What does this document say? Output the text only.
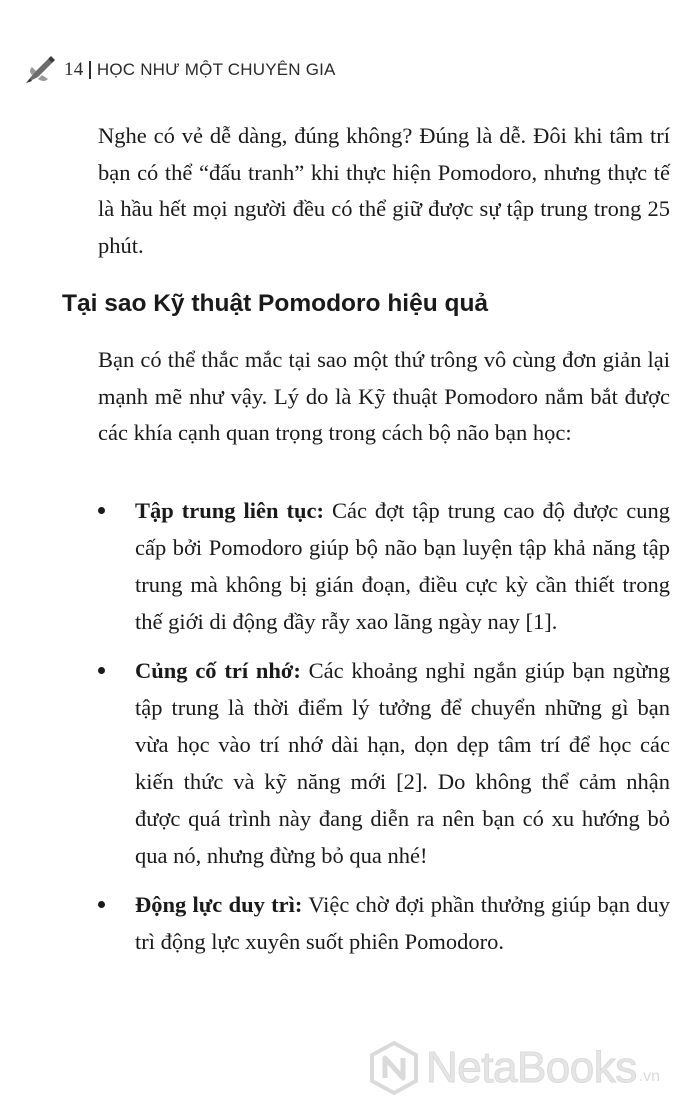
14 HỌC NHƯ MỘT CHUYÊN GIA

Nghe có vẻ dễ dàng, đúng không? Đúng là dễ. Đôi khi tâm trí bạn có thể “đấu tranh” khi thực hiện Pomodoro, nhưng thực tế là hầu hết mọi người đều có thể giữ được sự tập trung trong 25 phút.

Tại sao Kỹ thuật Pomodoro hiệu quả

Bạn có thể thắc mắc tại sao một thứ trông vô cùng đơn giản lại mạnh mẽ như vậy. Lý do là Kỹ thuật Pomodoro nắm bắt được các khía cạnh quan trọng trong cách bộ não bạn học:

Tập trung liên tục: Các đợt tập trung cao độ được cung cấp bởi Pomodoro giúp bộ não bạn luyện tập khả năng tập trung mà không bị gián đoạn, điều cực kỳ cần thiết trong thế giới di động đầy rẫy xao lãng ngày nay [1].
Củng cố trí nhớ: Các khoảng nghỉ ngắn giúp bạn ngừng tập trung là thời điểm lý tưởng để chuyển những gì bạn vừa học vào trí nhớ dài hạn, dọn dẹp tâm trí để học các kiến thức và kỹ năng mới [2]. Do không thể cảm nhận được quá trình này đang diễn ra nên bạn có xu hướng bỏ qua nó, nhưng đừng bỏ qua nhé!
Động lực duy trì: Việc chờ đợi phần thưởng giúp bạn duy trì động lực xuyên suốt phiên Pomodoro.
NetaBooks .vn
